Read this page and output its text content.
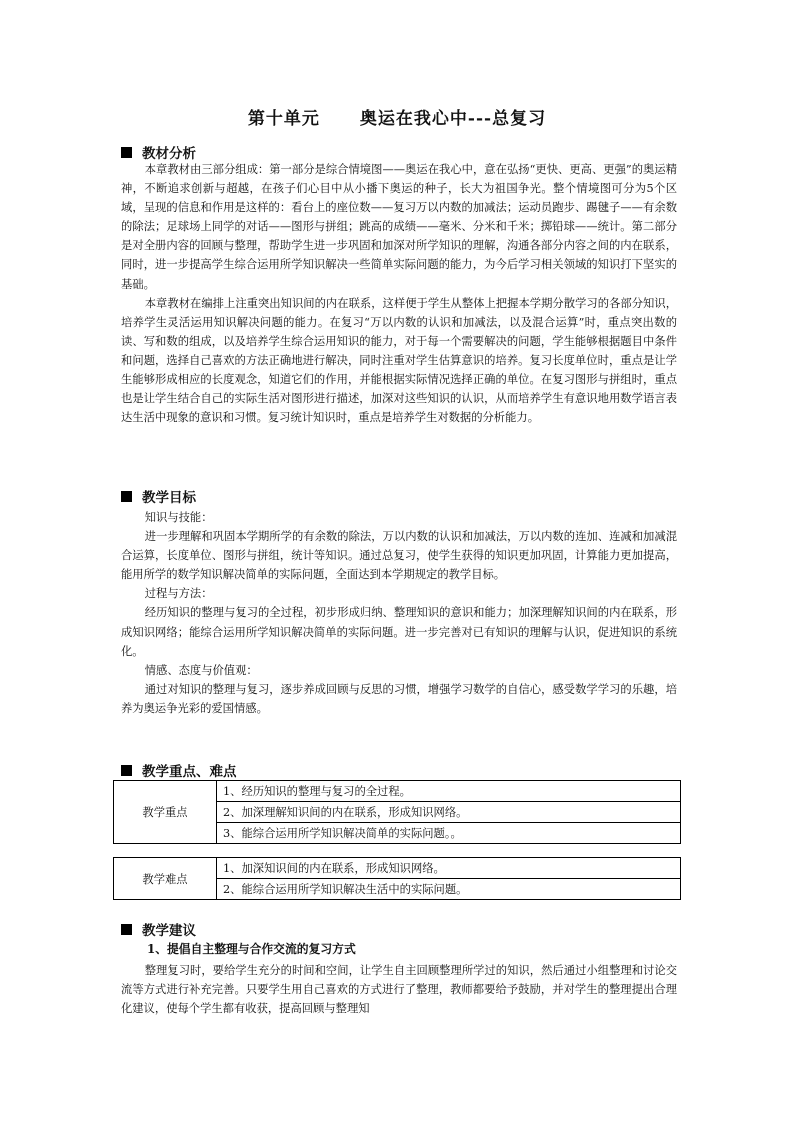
第十单元 奥运在我心中---总复习
教材分析

本章教材由三部分组成：第一部分是综合情境图——奥运在我心中，意在弘扬“更快、更高、更强”的奥运精神，不断追求创新与超越，在孩子们心目中从小播下奥运的种子，长大为祖国争光。整个情境图可分为5个区域，呈现的信息和作用是这样的：看台上的座位数——复习万以内数的加减法；运动员跑步、踢毽子——有余数的除法；足球场上同学的对话——图形与拼组；跳高的成绩——毫米、分米和千米；掷铅球——统计。第二部分是对全册内容的回顾与整理，帮助学生进一步巩固和加深对所学知识的理解，沟通各部分内容之间的内在联系，同时，进一步提高学生综合运用所学知识解决一些简单实际问题的能力，为今后学习相关领域的知识打下坚实的基础。

本章教材在编排上注重突出知识间的内在联系，这样便于学生从整体上把握本学期分散学习的各部分知识，培养学生灵活运用知识解决问题的能力。在复习“万以内数的认识和加减法，以及混合运算”时，重点突出数的读、写和数的组成，以及培养学生综合运用知识的能力，对于每一个需要解决的问题，学生能够根据题目中条件和问题，选择自己喜欢的方法正确地进行解决，同时注重对学生估算意识的培养。复习长度单位时，重点是让学生能够形成相应的长度观念，知道它们的作用，并能根据实际情况选择正确的单位。在复习图形与拼组时，重点也是让学生结合自己的实际生活对图形进行描述，加深对这些知识的认识，从而培养学生有意识地用数学语言表达生活中现象的意识和习惯。复习统计知识时，重点是培养学生对数据的分析能力。

教学目标

知识与技能：

进一步理解和巩固本学期所学的有余数的除法，万以内数的认识和加减法，万以内数的连加、连减和加减混合运算，长度单位、图形与拼组，统计等知识。通过总复习，使学生获得的知识更加巩固，计算能力更加提高，能用所学的数学知识解决简单的实际问题，全面达到本学期规定的教学目标。

过程与方法：

经历知识的整理与复习的全过程，初步形成归纳、整理知识的意识和能力；加深理解知识间的内在联系，形成知识网络；能综合运用所学知识解决简单的实际问题。进一步完善对已有知识的理解与认识，促进知识的系统化。

情感、态度与价值观：

通过对知识的整理与复习，逐步养成回顾与反思的习惯，增强学习数学的自信心，感受数学学习的乐趣，培养为奥运争光彩的爱国情感。

教学重点、难点
教学重点	1、经历知识的整理与复习的全过程。
2、加深理解知识间的内在联系，形成知识网络。
3、能综合运用所学知识解决简单的实际问题。。
教学难点	1、加深知识间的内在联系，形成知识网络。
2、能综合运用所学知识解决生活中的实际问题。
教学建议
1、提倡自主整理与合作交流的复习方式

整理复习时，要给学生充分的时间和空间，让学生自主回顾整理所学过的知识，然后通过小组整理和讨论交流等方式进行补充完善。只要学生用自己喜欢的方式进行了整理，教师都要给予鼓励，并对学生的整理提出合理化建议，使每个学生都有收获，提高回顾与整理知
